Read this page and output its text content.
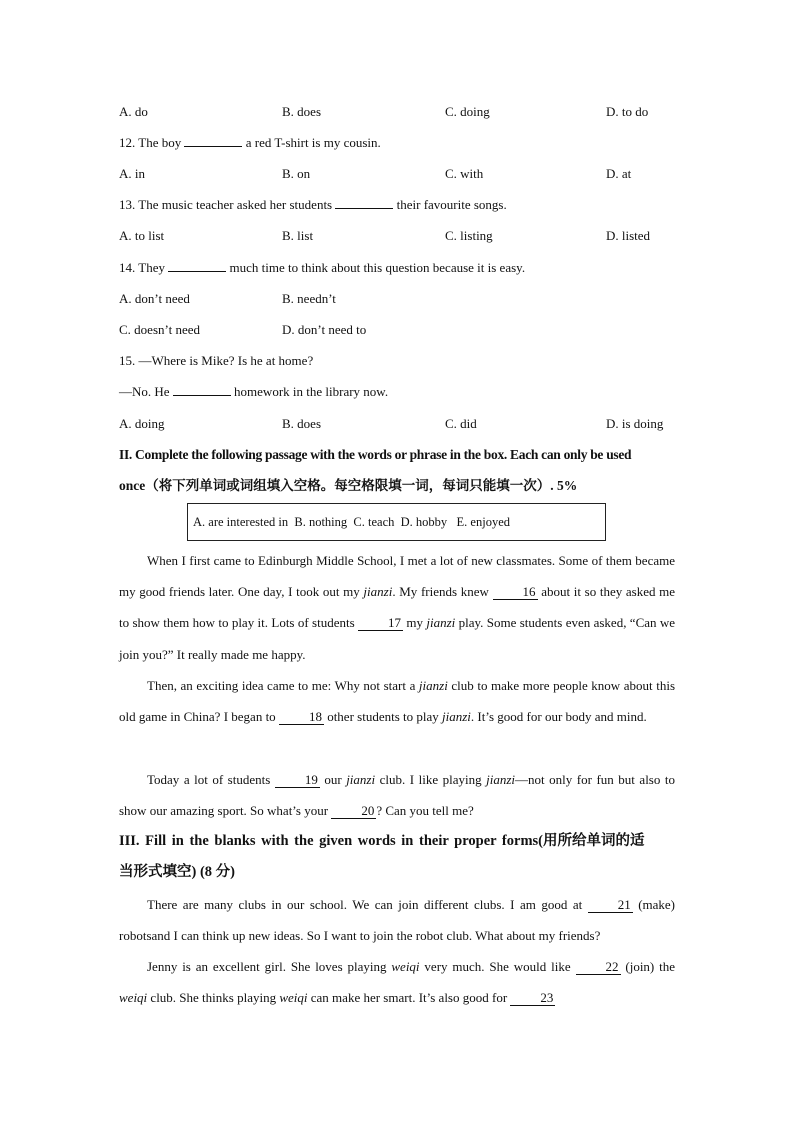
A. do	B. does	C. doing	D. to do
12. The boy	a red T-shirt is my cousin.
A. in	B. on	C. with	D. at
13. The music teacher asked her students	their favourite songs.
A. to list	B. list	C. listing	D. listed
14. They	much time to think about this question because it is easy.
A. don’t need	B. needn’t
C. doesn’t need	D. don’t need to
15. —Where is Mike? Is he at home?
—No. He	homework in the library now.
A. doing	B. does	C. did	D. is doing
II. Complete the following passage with the words or phrase in the box. Each can only be used
once（将下列单词或词组填入空格。每空格限填一词，每词只能填一次）. 5%
A. are interested in
B. nothing
C. teach
D. hobby
E. enjoyed
When I first came to Edinburgh Middle School, I met a lot of new classmates. Some of them became my good friends later. One day, I took out my jianzi. My friends knew	16 about it so they asked me to show them how to play it. Lots of students	17 my jianzi play. Some students even asked, “Can we join you?” It really made me happy.
Then, an exciting idea came to me: Why not start a jianzi club to make more people know about this old game in China? I began to	18 other students to play jianzi. It’s good for our body and mind.
Today a lot of students	19 our jianzi club. I like playing jianzi—not only for fun but also to show our amazing sport. So what’s your	20 ? Can you tell me?
III. Fill in the blanks with the given words in their proper forms(用所给单词的适
当形式填空) (8 分)
There are many clubs in our school. We can join different clubs. I am good at	21 (make) robotsand I can think up new ideas. So I want to join the robot club. What about my friends?
Jenny is an excellent girl. She loves playing weiqi very much. She would like	22 (join) the weiqi club. She thinks playing weiqi can make her smart. It’s also good for	23
